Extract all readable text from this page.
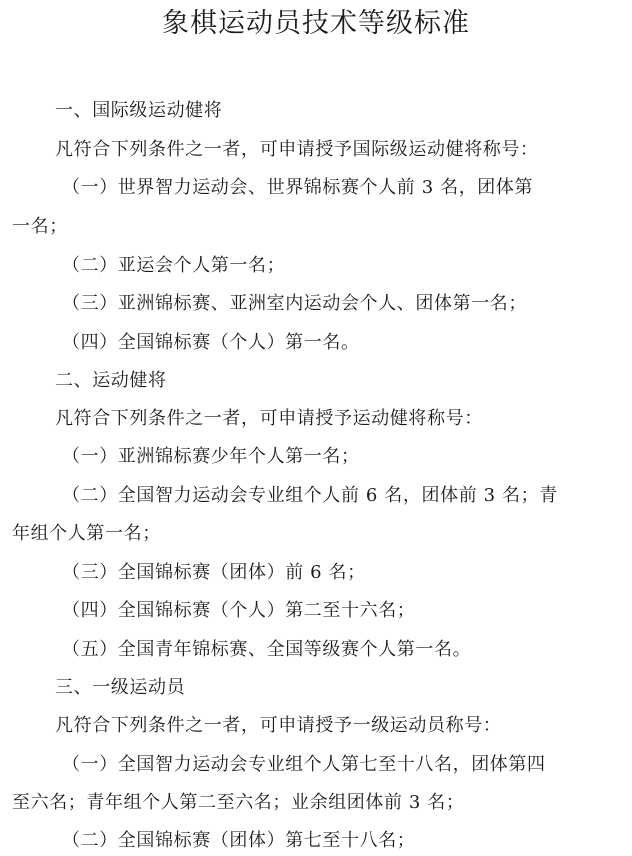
象棋运动员技术等级标准
一、国际级运动健将
凡符合下列条件之一者，可申请授予国际级运动健将称号：
（一）世界智力运动会、世界锦标赛个人前 3 名，团体第
一名；
（二）亚运会个人第一名；
（三）亚洲锦标赛、亚洲室内运动会个人、团体第一名；
（四）全国锦标赛（个人）第一名。
二、运动健将
凡符合下列条件之一者，可申请授予运动健将称号：
（一）亚洲锦标赛少年个人第一名；
（二）全国智力运动会专业组个人前 6 名，团体前 3 名；青
年组个人第一名；
（三）全国锦标赛（团体）前 6 名；
（四）全国锦标赛（个人）第二至十六名；
（五）全国青年锦标赛、全国等级赛个人第一名。
三、一级运动员
凡符合下列条件之一者，可申请授予一级运动员称号：
（一）全国智力运动会专业组个人第七至十八名，团体第四
至六名；青年组个人第二至六名；业余组团体前 3 名；
（二）全国锦标赛（团体）第七至十八名；
